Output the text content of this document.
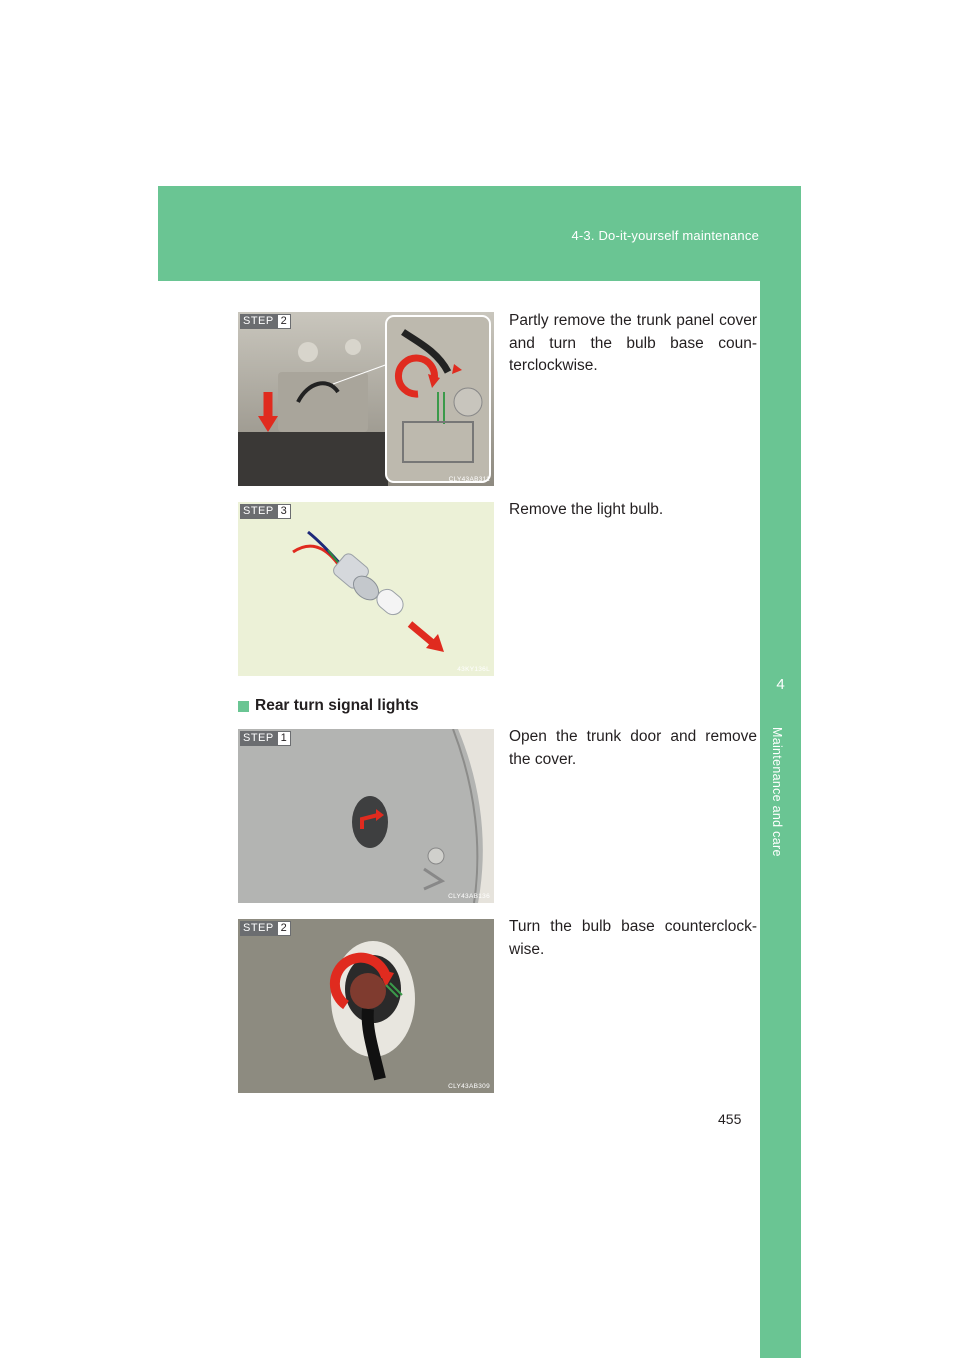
4-3. Do-it-yourself maintenance
4
Maintenance and care
STEP 2
CLY43AB311
Partly remove the trunk panel cover and turn the bulb base coun-terclockwise.
STEP 3
43KY136L
Remove the light bulb.
Rear turn signal lights
STEP 1
CLY43AB136
Open the trunk door and remove the cover.
STEP 2
CLY43AB309
Turn the bulb base counterclock-wise.
455
